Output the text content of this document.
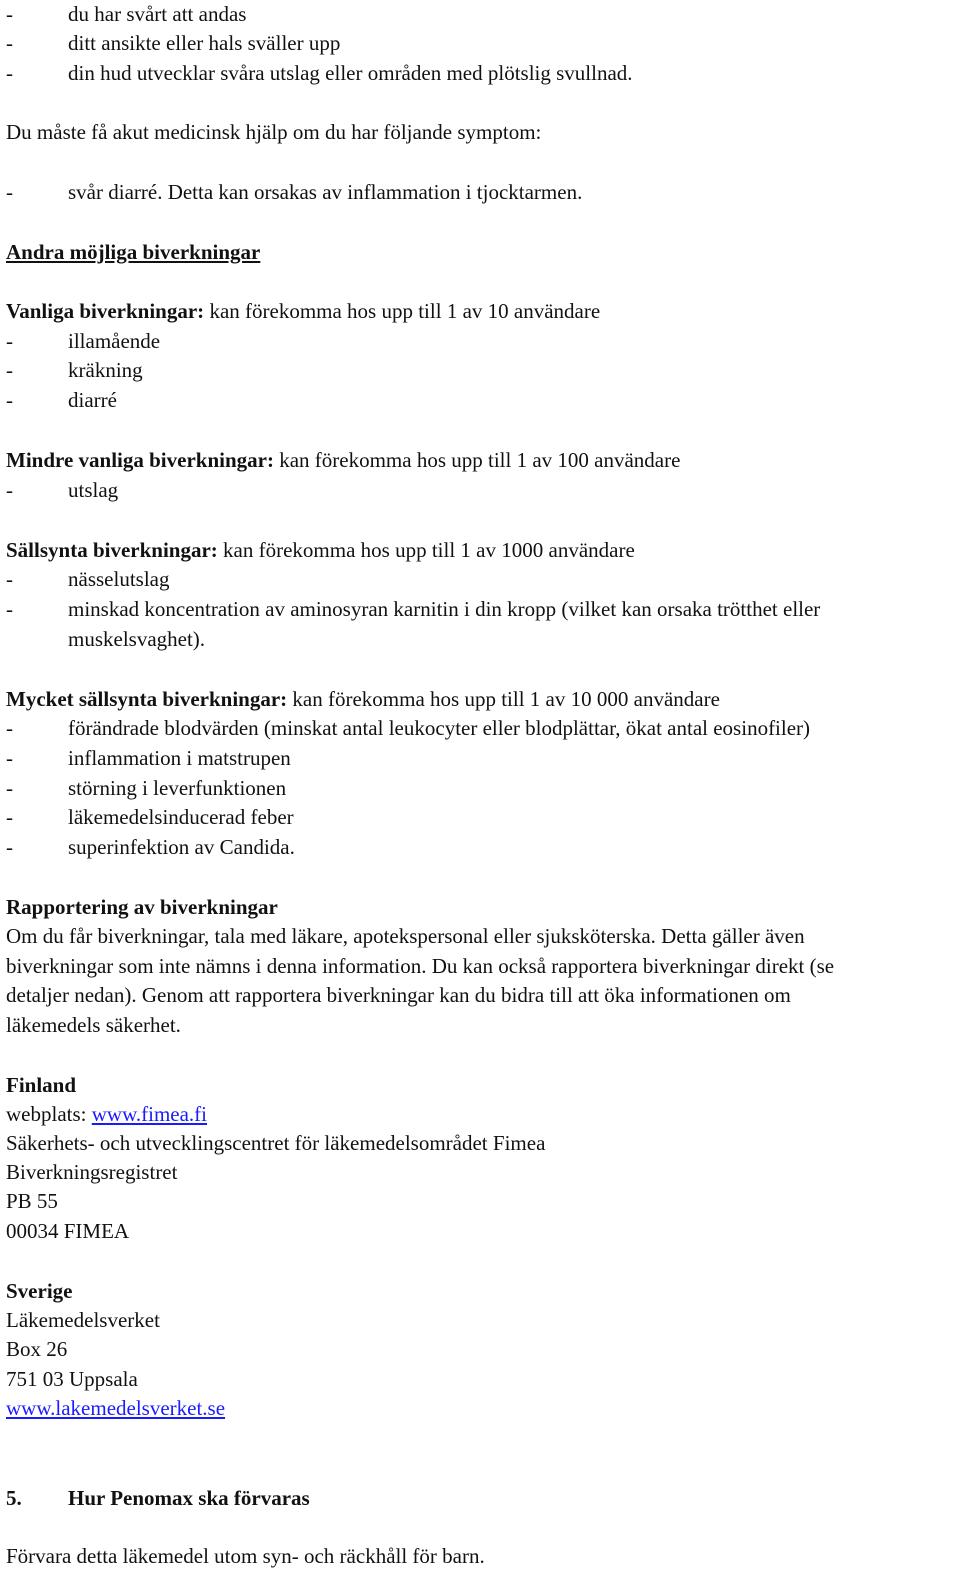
-	du har svårt att andas
-	ditt ansikte eller hals sväller upp
-	din hud utvecklar svåra utslag eller områden med plötslig svullnad.
Du måste få akut medicinsk hjälp om du har följande symptom:
-	svår diarré. Detta kan orsakas av inflammation i tjocktarmen.
Andra möjliga biverkningar
Vanliga biverkningar: kan förekomma hos upp till 1 av 10 användare
-	illamående
-	kräkning
-	diarré
Mindre vanliga biverkningar: kan förekomma hos upp till 1 av 100 användare
-	utslag
Sällsynta biverkningar: kan förekomma hos upp till 1 av 1000 användare
-	nässelutslag
-	minskad koncentration av aminosyran karnitin i din kropp (vilket kan orsaka trötthet eller
muskelsvaghet).
Mycket sällsynta biverkningar: kan förekomma hos upp till 1 av 10 000 användare
-	förändrade blodvärden (minskat antal leukocyter eller blodplättar, ökat antal eosinofiler)
-	inflammation i matstrupen
-	störning i leverfunktionen
-	läkemedelsinducerad feber
-	superinfektion av Candida.
Rapportering av biverkningar
Om du får biverkningar, tala med läkare, apotekspersonal eller sjuksköterska. Detta gäller även
biverkningar som inte nämns i denna information. Du kan också rapportera biverkningar direkt (se
detaljer nedan). Genom att rapportera biverkningar kan du bidra till att öka informationen om
läkemedels säkerhet.
Finland
webplats: www.fimea.fi
Säkerhets- och utvecklingscentret för läkemedelsområdet Fimea
Biverkningsregistret
PB 55
00034 FIMEA
Sverige
Läkemedelsverket
Box 26
751 03 Uppsala
www.lakemedelsverket.se
5. Hur Penomax ska förvaras
Förvara detta läkemedel utom syn- och räckhåll för barn.
